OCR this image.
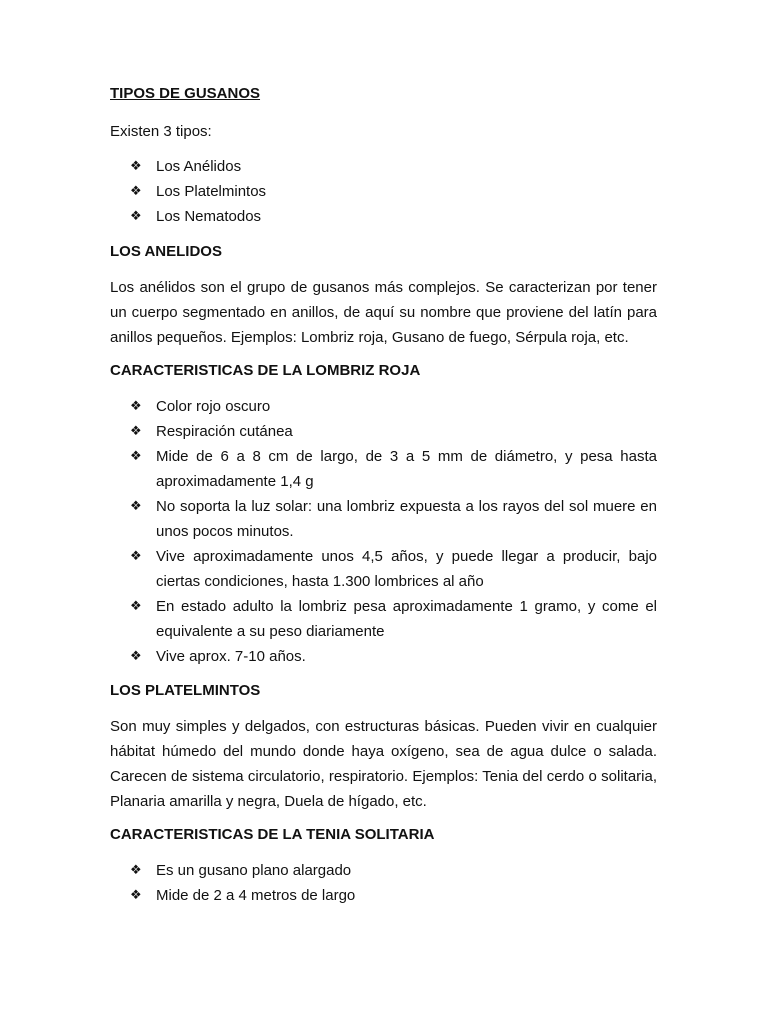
TIPOS DE GUSANOS

Existen 3 tipos:

❖ Los Anélidos
❖ Los Platelmintos
❖ Los Nematodos

LOS ANELIDOS

Los anélidos son el grupo de gusanos más complejos. Se caracterizan por tener un cuerpo segmentado en anillos, de aquí su nombre que proviene del latín para anillos pequeños. Ejemplos: Lombriz roja, Gusano de fuego, Sérpula roja, etc.

CARACTERISTICAS DE LA LOMBRIZ ROJA

❖ Color rojo oscuro
❖ Respiración cutánea
❖ Mide de 6 a 8 cm de largo, de 3 a 5 mm de diámetro, y pesa hasta aproximadamente 1,4 g
❖ No soporta la luz solar: una lombriz expuesta a los rayos del sol muere en unos pocos minutos.
❖ Vive aproximadamente unos 4,5 años, y puede llegar a producir, bajo ciertas condiciones, hasta 1.300 lombrices al año
❖ En estado adulto la lombriz pesa aproximadamente 1 gramo, y come el equivalente a su peso diariamente
❖ Vive aprox. 7-10 años.

LOS PLATELMINTOS

Son muy simples y delgados, con estructuras básicas. Pueden vivir en cualquier hábitat húmedo del mundo donde haya oxígeno, sea de agua dulce o salada. Carecen de sistema circulatorio, respiratorio. Ejemplos: Tenia del cerdo o solitaria, Planaria amarilla y negra, Duela de hígado, etc.

CARACTERISTICAS DE LA TENIA SOLITARIA

❖ Es un gusano plano alargado
❖ Mide de 2 a 4 metros de largo
